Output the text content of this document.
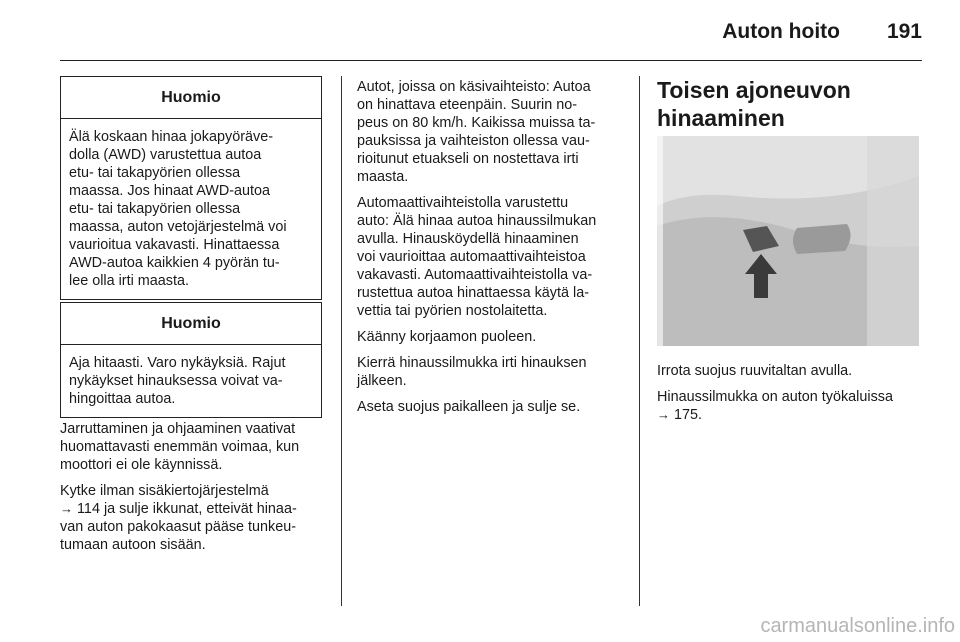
Auton hoito	191
Huomio
Älä koskaan hinaa jokapyöräve-
dolla (AWD) varustettua autoa
etu- tai takapyörien ollessa
maassa. Jos hinaat AWD-autoa
etu- tai takapyörien ollessa
maassa, auton vetojärjestelmä voi
vaurioitua vakavasti. Hinattaessa
AWD-autoa kaikkien 4 pyörän tu-
lee olla irti maasta.
Huomio
Aja hitaasti. Varo nykäyksiä. Rajut
nykäykset hinauksessa voivat va-
hingoittaa autoa.

Jarruttaminen ja ohjaaminen vaativat
huomattavasti enemmän voimaa, kun
moottori ei ole käynnissä.

Kytke ilman sisäkiertojärjestelmä
→ 114 ja sulje ikkunat, etteivät hinaa-
van auton pakokaasut pääse tunkeu-
tumaan autoon sisään.

Autot, joissa on käsivaihteisto: Autoa
on hinattava eteenpäin. Suurin no-
peus on 80 km/h. Kaikissa muissa ta-
pauksissa ja vaihteiston ollessa vau-
rioitunut etuakseli on nostettava irti
maasta.

Automaattivaihteistolla varustettu
auto: Älä hinaa autoa hinaussilmukan
avulla. Hinausköydellä hinaaminen
voi vaurioittaa automaattivaihteistoa
vakavasti. Automaattivaihteistolla va-
rustettua autoa hinattaessa käytä la-
vettia tai pyörien nostolaitetta.

Käänny korjaamon puoleen.

Kierrä hinaussilmukka irti hinauksen
jälkeen.

Aseta suojus paikalleen ja sulje se.

Toisen ajoneuvon
hinaaminen

Irrota suojus ruuvitaltan avulla.

Hinaussilmukka on auton työkaluissa
→ 175.

carmanualsonline.info
